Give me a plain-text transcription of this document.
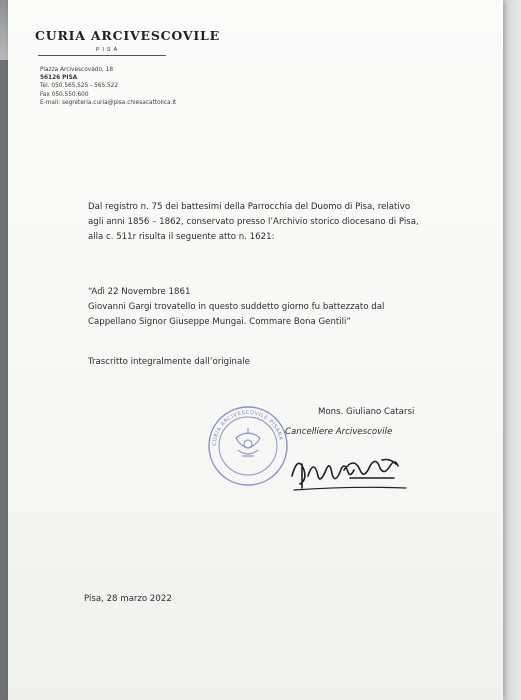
CURIA ARCIVESCOVILE
PISA
Piazza Arcivescovado, 18
56126 PISA
Tel. 050.565.525 - 565.522
Fax 050.550.600
E-mail: segreteria.curia@pisa.chiesacattolica.it
Dal registro n. 75 dei battesimi della Parrocchia del Duomo di Pisa, relativo
agli anni 1856 – 1862, conservato presso l’Archivio storico diocesano di Pisa,
alla c. 511r risulta il seguente atto n. 1621:
“Adì 22 Novembre 1861
Giovanni Gargi trovatello in questo suddetto giorno fu battezzato dal
Cappellano Signor Giuseppe Mungai. Commare Bona Gentili”
Trascritto integralmente dall’originale
CURIA ARCIVESCOVILE PISANA
Mons. Giuliano Catarsi
Cancelliere Arcivescovile
Pisa, 28 marzo 2022
